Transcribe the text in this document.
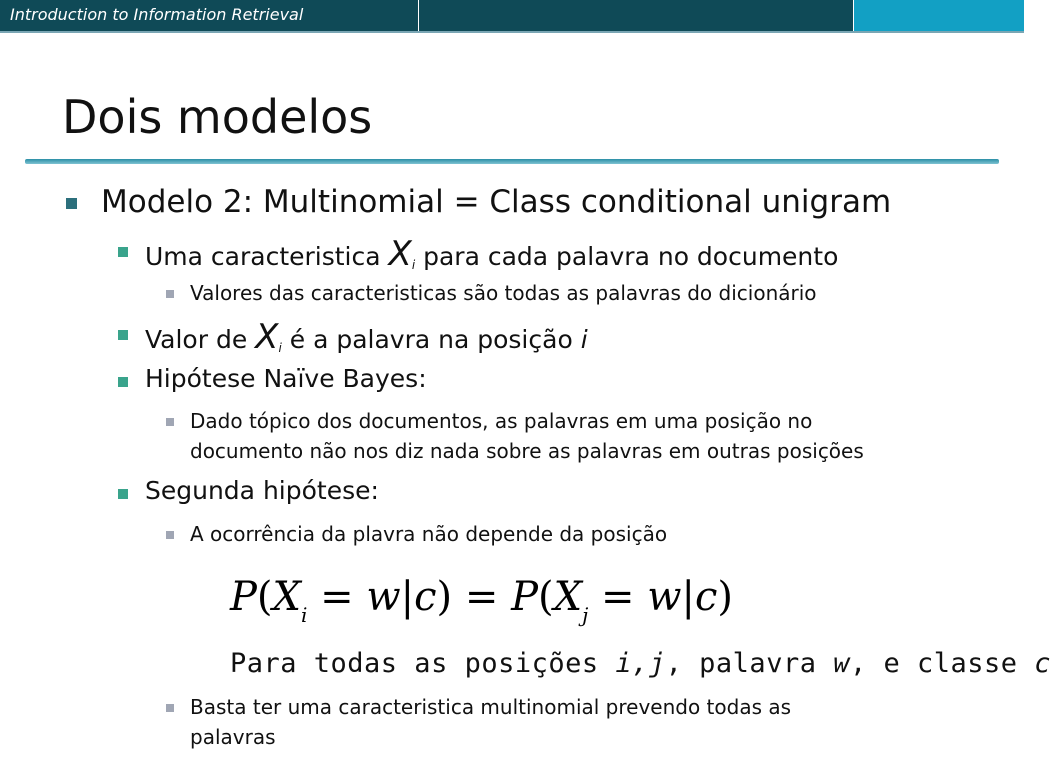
Introduction to Information Retrieval
Dois modelos
Modelo 2: Multinomial = Class conditional unigram
Uma caracteristica $X_i$ para cada palavra no documento
Valores das caracteristicas são todas as palavras do dicionário
Valor de $X_i$ é a palavra na posição i
Hipótese Naïve Bayes:
Dado tópico dos documentos, as palavras em uma posição no
documento não nos diz nada sobre as palavras em outras posições
Segunda hipótese:
A ocorrência da plavra não depende da posição
$P(X_i = w|c) = P(X_j = w|c)$
Para todas as posições i,j, palavra w, e classe c
Basta ter uma caracteristica multinomial prevendo todas as
palavras
